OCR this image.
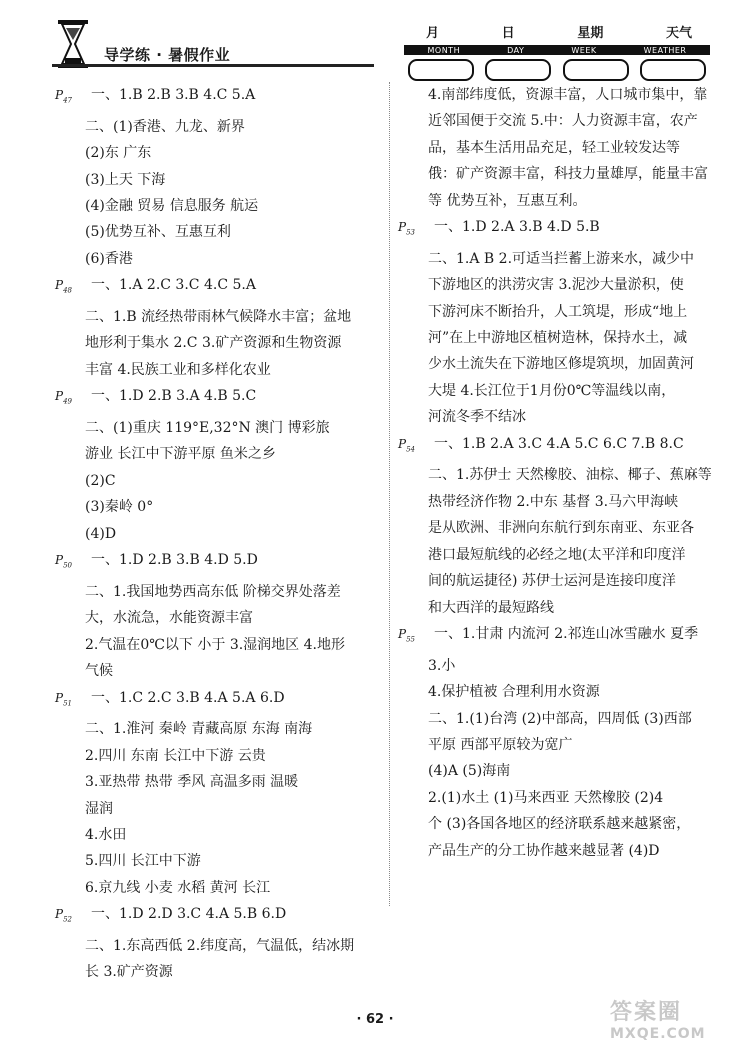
导学练 · 暑假作业
月	日	星期	天气
MONTH	DAY	WEEK	WEATHER
$P_{47}$ 一、1.B 2.B 3.B 4.C 5.A
二、(1)香港、九龙、新界
(2)东 广东
(3)上天 下海
(4)金融 贸易 信息服务 航运
(5)优势互补、互惠互利
(6)香港
$P_{48}$ 一、1.A 2.C 3.C 4.C 5.A
二、1.B 流经热带雨林气候降水丰富；盆地
地形利于集水 2.C 3.矿产资源和生物资源
丰富 4.民族工业和多样化农业
$P_{49}$ 一、1.D 2.B 3.A 4.B 5.C
二、(1)重庆 119°E,32°N 澳门 博彩旅
游业 长江中下游平原 鱼米之乡
(2)C
(3)秦岭 0°
(4)D
$P_{50}$ 一、1.D 2.B 3.B 4.D 5.D
二、1.我国地势西高东低 阶梯交界处落差
大，水流急，水能资源丰富
2.气温在0℃以下 小于 3.湿润地区 4.地形
气候
$P_{51}$ 一、1.C 2.C 3.B 4.A 5.A 6.D
二、1.淮河 秦岭 青藏高原 东海 南海
2.四川 东南 长江中下游 云贵
3.亚热带 热带 季风 高温多雨 温暖
湿润
4.水田
5.四川 长江中下游
6.京九线 小麦 水稻 黄河 长江
$P_{52}$ 一、1.D 2.D 3.C 4.A 5.B 6.D
二、1.东高西低 2.纬度高，气温低，结冰期
长 3.矿产资源
4.南部纬度低，资源丰富，人口城市集中，靠
近邻国便于交流 5.中：人力资源丰富，农产
品，基本生活用品充足，轻工业较发达等
俄：矿产资源丰富，科技力量雄厚，能量丰富
等 优势互补，互惠互利。
$P_{53}$ 一、1.D 2.A 3.B 4.D 5.B
二、1.A B 2.可适当拦蓄上游来水，减少中
下游地区的洪涝灾害 3.泥沙大量淤积，使
下游河床不断抬升，人工筑堤，形成“地上
河”在上中游地区植树造林，保持水土，减
少水土流失在下游地区修堤筑坝，加固黄河
大堤 4.长江位于1月份0℃等温线以南，
河流冬季不结冰
$P_{54}$ 一、1.B 2.A 3.C 4.A 5.C 6.C 7.B 8.C
二、1.苏伊士 天然橡胶、油棕、椰子、蕉麻等
热带经济作物 2.中东 基督 3.马六甲海峡
是从欧洲、非洲向东航行到东南亚、东亚各
港口最短航线的必经之地(太平洋和印度洋
间的航运捷径) 苏伊士运河是连接印度洋
和大西洋的最短路线
$P_{55}$ 一、1.甘肃 内流河 2.祁连山冰雪融水 夏季
3.小
4.保护植被 合理利用水资源
二、1.(1)台湾 (2)中部高，四周低 (3)西部
平原 西部平原较为宽广
(4)A (5)海南
2.(1)水土 (1)马来西亚 天然橡胶 (2)4
个 (3)各国各地区的经济联系越来越紧密，
产品生产的分工协作越来越显著 (4)D
· 62 ·	答案圈
MXQE.COM
